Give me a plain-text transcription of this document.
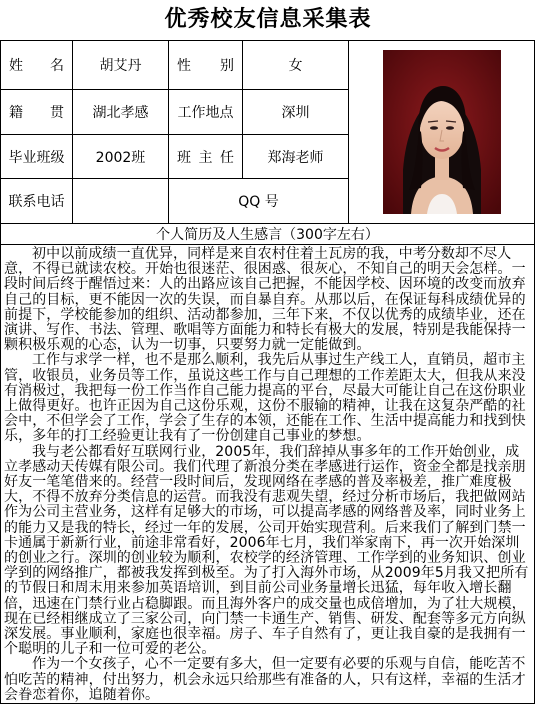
优秀校友信息采集表
姓 名	胡艾丹	性 别	女	

籍 贯	湖北孝感	工作地点	深圳	
毕业班级	2002班	班 主 任	郑海老师	
联系电话		QQ 号		
个人简历及人生感言（300字左右）				

初中以前成绩一直优异，同样是来自农村住着土瓦房的我，中考分数却不尽人意，不得已就读农校。开始也很迷茫、很困惑、很灰心，不知自己的明天会怎样。一段时间后终于醒悟过来：人的出路应该自己把握，不能因学校、因环境的改变而放弃自己的目标，更不能因一次的失误，而自暴自弃。从那以后，在保证每科成绩优异的前提下，学校能参加的组织、活动都参加，三年下来，不仅以优秀的成绩毕业，还在演讲、写作、书法、管理、歌唱等方面能力和特长有极大的发展，特别是我能保持一颗积极乐观的心态，认为一切事，只要努力就一定能做到。

工作与求学一样，也不是那么顺利，我先后从事过生产线工人，直销员，超市主管，收银员，业务员等工作，虽说这些工作与自己理想的工作差距太大，但我从来没有消极过，我把每一份工作当作自己能力提高的平台，尽最大可能让自己在这份职业上做得更好。也许正因为自己这份乐观，这份不服输的精神，让我在这复杂严酷的社会中，不但学会了工作，学会了生存的本领，还能在工作、生活中提高能力和找到快乐，多年的打工经验更让我有了一份创建自己事业的梦想。

我与老公都看好互联网行业，2005年，我们辞掉从事多年的工作开始创业，成立孝感动天传媒有限公司。我们代理了新浪分类在孝感进行运作，资金全都是找亲朋好友一笔笔借来的。经营一段时间后，发现网络在孝感的普及率极差，推广难度极大，不得不放弃分类信息的运营。而我没有悲观失望，经过分析市场后，我把做网站作为公司主营业务，这样有足够大的市场，可以提高孝感的网络普及率，同时业务上的能力又是我的特长，经过一年的发展，公司开始实现营利。后来我们了解到门禁一卡通属于新新行业，前途非常看好，2006年七月，我们举家南下，再一次开始深圳的创业之行。深圳的创业较为顺利，农校学的经济管理、工作学到的业务知识、创业学到的网络推广，都被我发挥到极至。为了打入海外市场，从2009年5月我又把所有的节假日和周末用来参加英语培训，到目前公司业务量增长迅猛，每年收入增长翻倍，迅速在门禁行业占稳脚跟。而且海外客户的成交量也成倍增加，为了壮大规模，现在已经相继成立了三家公司，向门禁一卡通生产、销售、研发、配套等多元方向纵深发展。事业顺利，家庭也很幸福。房子、车子自然有了，更让我自豪的是我拥有一个聪明的儿子和一位可爱的老公。

作为一个女孩子，心不一定要有多大，但一定要有必要的乐观与自信，能吃苦不怕吃苦的精神，付出努力，机会永远只给那些有准备的人，只有这样，幸福的生活才会眷恋着你，追随着你。				
